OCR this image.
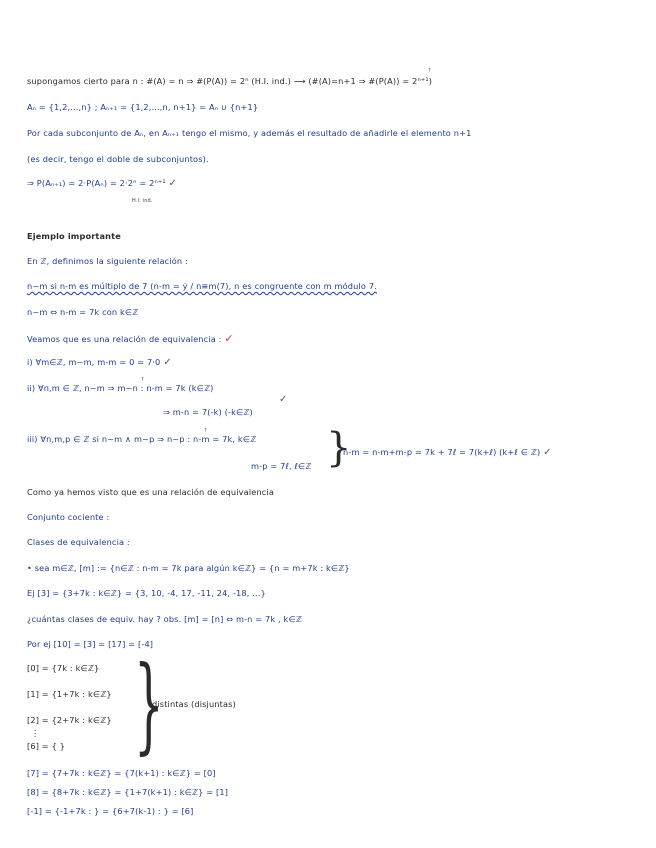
supongamos cierto para n : #(A) = n ⇒ #(P(A)) = 2ⁿ (H.I. ind.) ⟶ (#(A)=n+1 ⇒ #(P(A)) = 2ⁿ⁺¹)
?
Aₙ = {1,2,...,n} ; Aₙ₊₁ = {1,2,...,n, n+1} = Aₙ ∪ {n+1}
Por cada subconjunto de Aₙ, en Aₙ₊₁ tengo el mismo, y además el resultado de añadirle el elemento n+1
(es decir, tengo el doble de subconjuntos).
⇒ P(Aₙ₊₁) = 2·P(Aₙ) = 2·2ⁿ = 2ⁿ⁺¹ ✓
H.I. ind.
Ejemplo importante
En ℤ, definimos la siguiente relación :
n~m si n-m es múltiplo de 7 (n-m = ẏ / n≡m(7), n es congruente con m módulo 7.
n~m ⇔ n-m = 7k con k∈ℤ
Veamos que es una relación de equivalencia : ✓
i) ∀m∈ℤ, m~m, m-m = 0 = 7·0 ✓
ii) ∀n,m ∈ ℤ, n~m ⇒ m~n : n-m = 7k (k∈ℤ)
?
⇒ m-n = 7(-k) (-k∈ℤ)
✓
iii) ∀n,m,p ∈ ℤ si n~m ∧ m~p ⇒ n~p : n-m = 7k, k∈ℤ
?
m-p = 7ℓ, ℓ∈ℤ }
n-m = n-m+m-p = 7k + 7ℓ = 7(k+ℓ) (k+ℓ ∈ ℤ) ✓
Como ya hemos visto que es una relación de equivalencia
Conjunto cociente :
Clases de equivalencia :
• sea m∈ℤ, [m] := {n∈ℤ : n-m = 7k para algún k∈ℤ} = {n = m+7k : k∈ℤ}
Ej [3] = {3+7k : k∈ℤ} = {3, 10, -4, 17, -11, 24, -18, ...}
¿cuántas clases de equiv. hay ? obs. [m] = [n] ⇔ m-n = 7k , k∈ℤ
Por ej [10] = [3] = [17] = [-4]
[0] = {7k : k∈ℤ}
[1] = {1+7k : k∈ℤ}
[2] = {2+7k : k∈ℤ}
⋮
[6] = { } }
distintas (disjuntas)
[7] = {7+7k : k∈ℤ} = {7(k+1) : k∈ℤ} = [0]
[8] = {8+7k : k∈ℤ} = {1+7(k+1) : k∈ℤ} = [1]
[-1] = {-1+7k : } = {6+7(k-1) : } = [6]
